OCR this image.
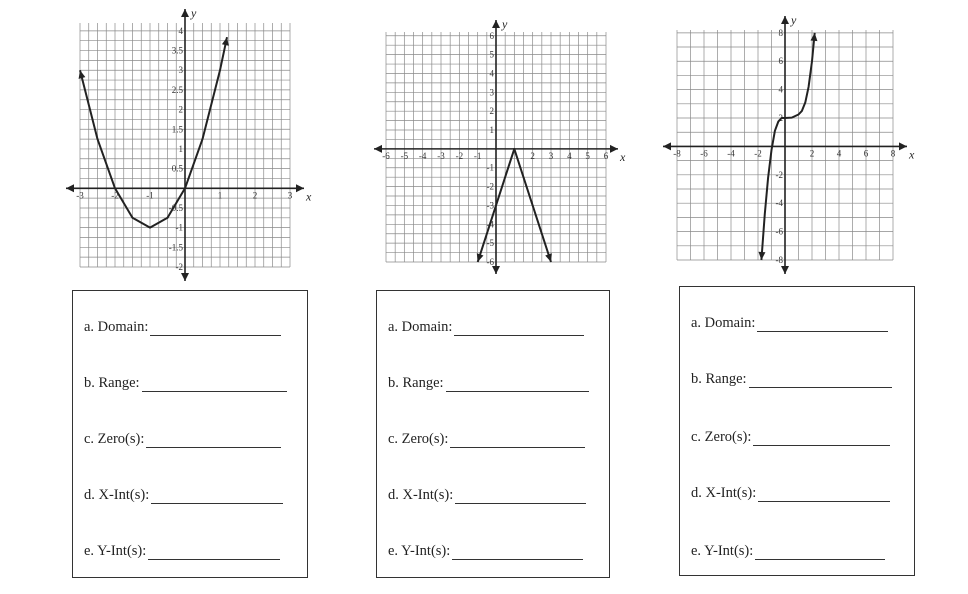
x
y
-3	-2	-1	1	2	3
-2
-1.5
-1
-0.5
0.5
1
1.5
2
2.5
3
3.5
4
x
y
-6 -5 -4 -3 -2 -1	2 3 4 5 6
6
5
4
3
2
1
-1
-2
-3
-4
-5
-6
x
y
-8 -6 -4 -2	2	4	6	8
8
6
4
2
-2
-4
-6
-8
a. Domain:
b. Range:
c. Zero(s):
d. X-Int(s):
e. Y-Int(s):
a. Domain:
b. Range:
c. Zero(s):
d. X-Int(s):
e. Y-Int(s):
a. Domain:
b. Range:
c. Zero(s):
d. X-Int(s):
e. Y-Int(s):
